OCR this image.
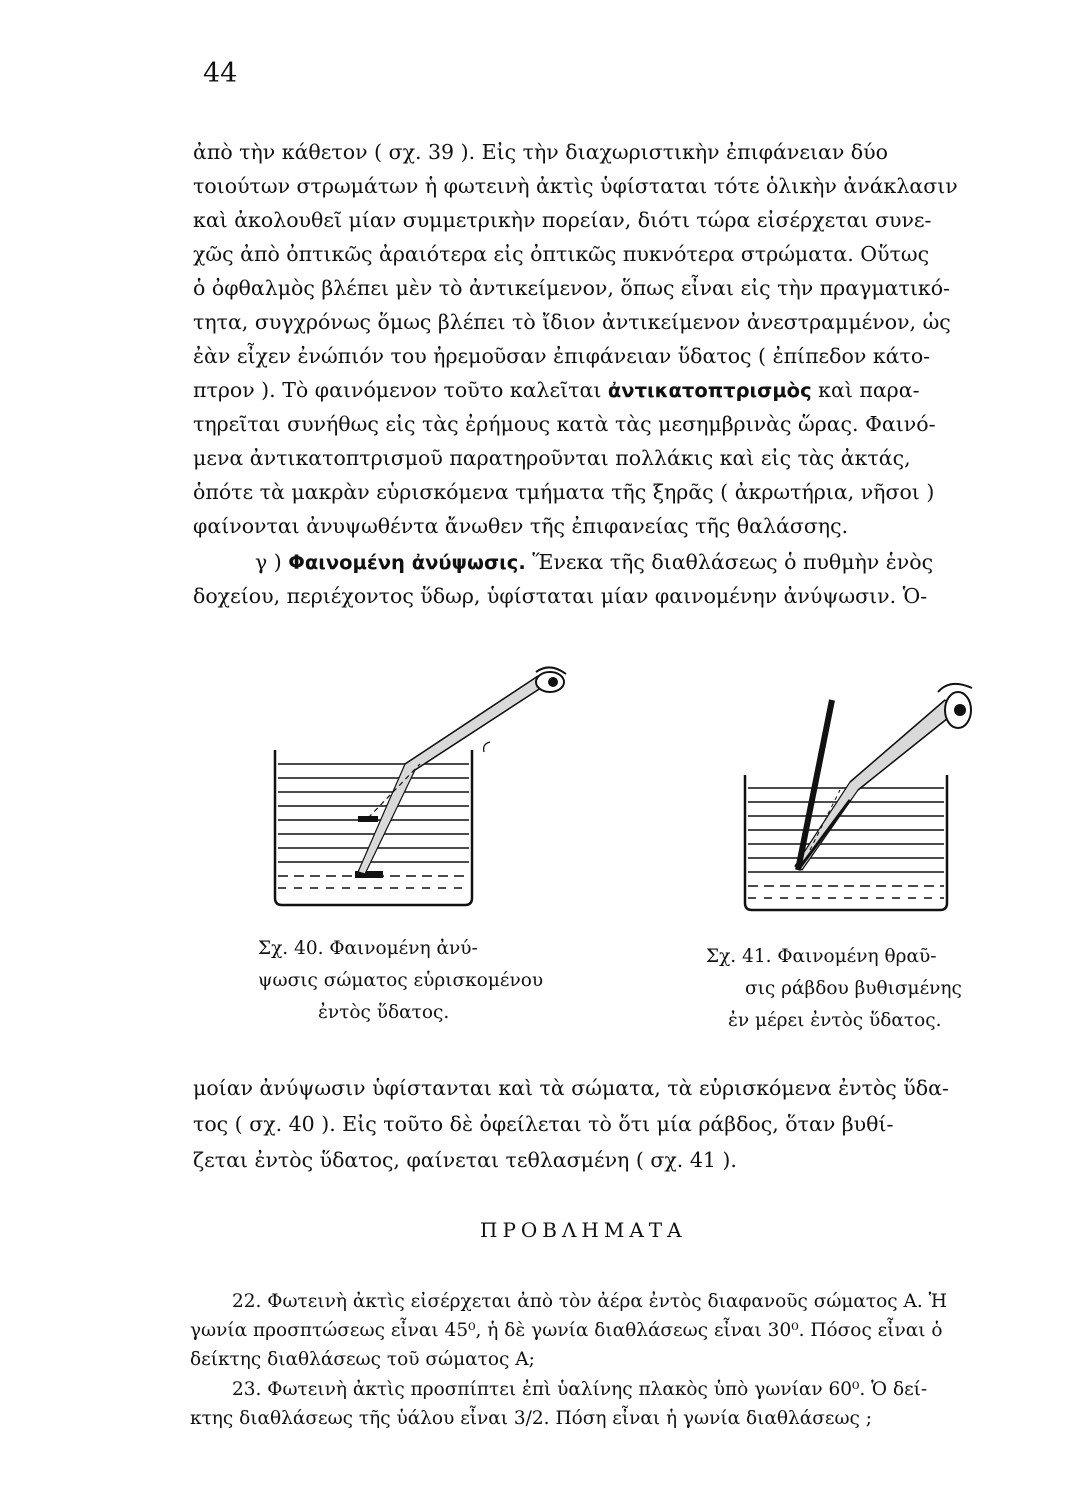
44
ἀπὸ τὴν κάθετον ( σχ. 39 ). Εἰς τὴν διαχωριστικὴν ἐπιφάνειαν δύο
τοιούτων στρωμάτων ἡ φωτεινὴ ἀκτὶς ὑφίσταται τότε ὁλικὴν ἀνάκλασιν
καὶ ἀκολουθεῖ μίαν συμμετρικὴν πορείαν, διότι τώρα εἰσέρχεται συνε-
χῶς ἀπὸ ὀπτικῶς ἀραιότερα εἰς ὀπτικῶς πυκνότερα στρώματα. Οὕτως
ὁ ὀφθαλμὸς βλέπει μὲν τὸ ἀντικείμενον, ὅπως εἶναι εἰς τὴν πραγματικό-
τητα, συγχρόνως ὅμως βλέπει τὸ ἴδιον ἀντικείμενον ἀνεστραμμένον, ὡς
ἐὰν εἶχεν ἐνώπιόν του ἠρεμοῦσαν ἐπιφάνειαν ὕδατος ( ἐπίπεδον κάτο-
πτρον ). Τὸ φαινόμενον τοῦτο καλεῖται ἀντικατοπτρισμὸς καὶ παρα-
τηρεῖται συνήθως εἰς τὰς ἐρήμους κατὰ τὰς μεσημβρινὰς ὥρας. Φαινό-
μενα ἀντικατοπτρισμοῦ παρατηροῦνται πολλάκις καὶ εἰς τὰς ἀκτάς,
ὁπότε τὰ μακρὰν εὑρισκόμενα τμήματα τῆς ξηρᾶς ( ἀκρωτήρια, νῆσοι )
φαίνονται ἀνυψωθέντα ἄνωθεν τῆς ἐπιφανείας τῆς θαλάσσης.
γ ) Φαινομένη ἀνύψωσις. Ἕνεκα τῆς διαθλάσεως ὁ πυθμὴν ἑνὸς
δοχείου, περιέχοντος ὕδωρ, ὑφίσταται μίαν φαινομένην ἀνύψωσιν. Ὁ-
Σχ. 40. Φαινομένη ἀνύ-
ψωσις σώματος εὑρισκομένου
ἐντὸς ὕδατος.
Σχ. 41. Φαινομένη θραῦ-
σις ράβδου βυθισμένης
ἐν μέρει ἐντὸς ὕδατος.
μοίαν ἀνύψωσιν ὑφίστανται καὶ τὰ σώματα, τὰ εὑρισκόμενα ἐντὸς ὕδα-
τος ( σχ. 40 ). Εἰς τοῦτο δὲ ὀφείλεται τὸ ὅτι μία ράβδος, ὅταν βυθί-
ζεται ἐντὸς ὕδατος, φαίνεται τεθλασμένη ( σχ. 41 ).
ΠΡΟΒΛΗΜΑΤΑ
22. Φωτεινὴ ἀκτὶς εἰσέρχεται ἀπὸ τὸν ἀέρα ἐντὸς διαφανοῦς σώματος Α. Ἡ
γωνία προσπτώσεως εἶναι 45⁰, ἡ δὲ γωνία διαθλάσεως εἶναι 30⁰. Πόσος εἶναι ὁ
δείκτης διαθλάσεως τοῦ σώματος Α;
23. Φωτεινὴ ἀκτὶς προσπίπτει ἐπὶ ὑαλίνης πλακὸς ὑπὸ γωνίαν 60⁰. Ὁ δεί-
κτης διαθλάσεως τῆς ὑάλου εἶναι 3/2. Πόση εἶναι ἡ γωνία διαθλάσεως ;
